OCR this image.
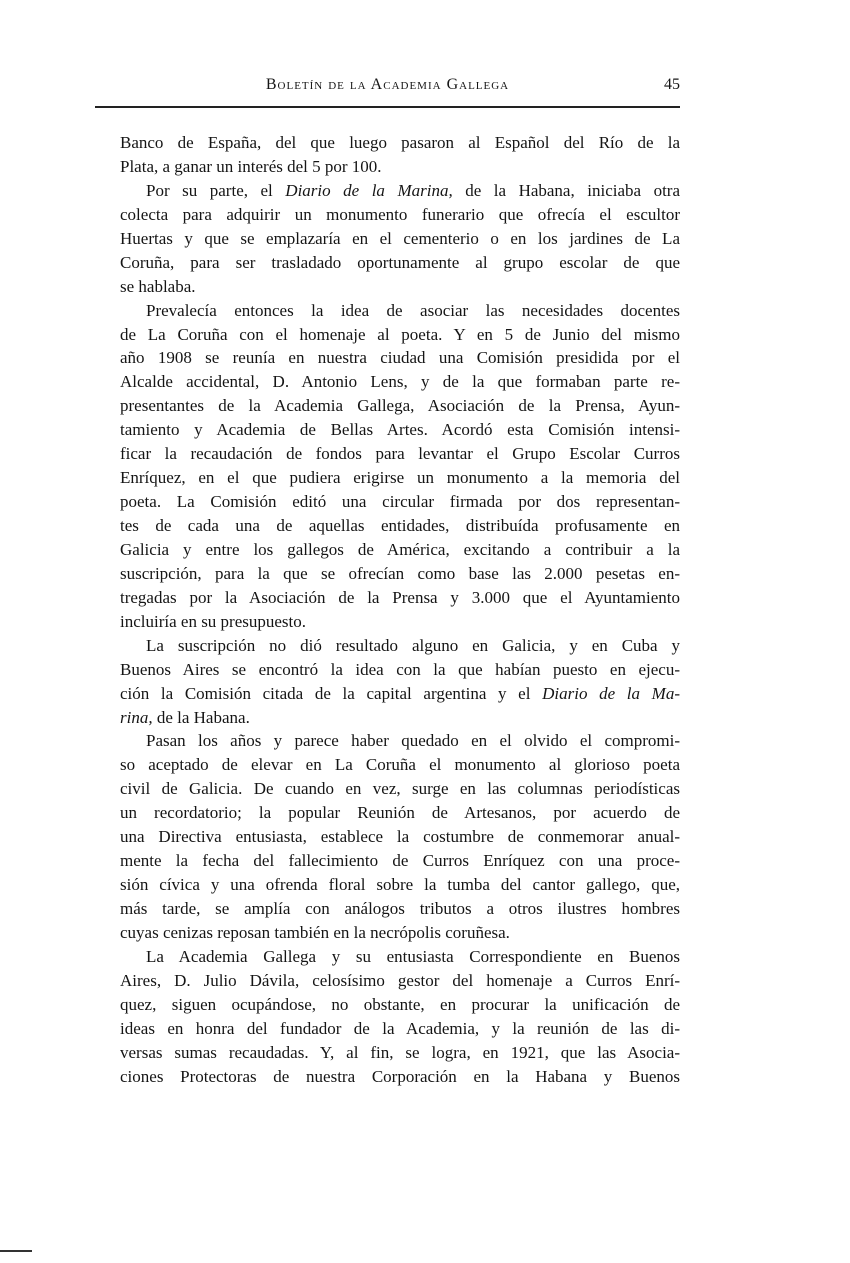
Boletín de la Academia Gallega	45
Banco de España, del que luego pasaron al Español del Río de la
Plata, a ganar un interés del 5 por 100.
Por su parte, el Diario de la Marina, de la Habana, iniciaba otra
colecta para adquirir un monumento funerario que ofrecía el escultor
Huertas y que se emplazaría en el cementerio o en los jardines de La
Coruña, para ser trasladado oportunamente al grupo escolar de que
se hablaba.
Prevalecía entonces la idea de asociar las necesidades docentes
de La Coruña con el homenaje al poeta. Y en 5 de Junio del mismo
año 1908 se reunía en nuestra ciudad una Comisión presidida por el
Alcalde accidental, D. Antonio Lens, y de la que formaban parte re-
presentantes de la Academia Gallega, Asociación de la Prensa, Ayun-
tamiento y Academia de Bellas Artes. Acordó esta Comisión intensi-
ficar la recaudación de fondos para levantar el Grupo Escolar Curros
Enríquez, en el que pudiera erigirse un monumento a la memoria del
poeta. La Comisión editó una circular firmada por dos representan-
tes de cada una de aquellas entidades, distribuída profusamente en
Galicia y entre los gallegos de América, excitando a contribuir a la
suscripción, para la que se ofrecían como base las 2.000 pesetas en-
tregadas por la Asociación de la Prensa y 3.000 que el Ayuntamiento
incluiría en su presupuesto.
La suscripción no dió resultado alguno en Galicia, y en Cuba y
Buenos Aires se encontró la idea con la que habían puesto en ejecu-
ción la Comisión citada de la capital argentina y el Diario de la Ma-
rina, de la Habana.
Pasan los años y parece haber quedado en el olvido el compromi-
so aceptado de elevar en La Coruña el monumento al glorioso poeta
civil de Galicia. De cuando en vez, surge en las columnas periodísticas
un recordatorio; la popular Reunión de Artesanos, por acuerdo de
una Directiva entusiasta, establece la costumbre de conmemorar anual-
mente la fecha del fallecimiento de Curros Enríquez con una proce-
sión cívica y una ofrenda floral sobre la tumba del cantor gallego, que,
más tarde, se amplía con análogos tributos a otros ilustres hombres
cuyas cenizas reposan también en la necrópolis coruñesa.
La Academia Gallega y su entusiasta Correspondiente en Buenos
Aires, D. Julio Dávila, celosísimo gestor del homenaje a Curros Enrí-
quez, siguen ocupándose, no obstante, en procurar la unificación de
ideas en honra del fundador de la Academia, y la reunión de las di-
versas sumas recaudadas. Y, al fin, se logra, en 1921, que las Asocia-
ciones Protectoras de nuestra Corporación en la Habana y Buenos
